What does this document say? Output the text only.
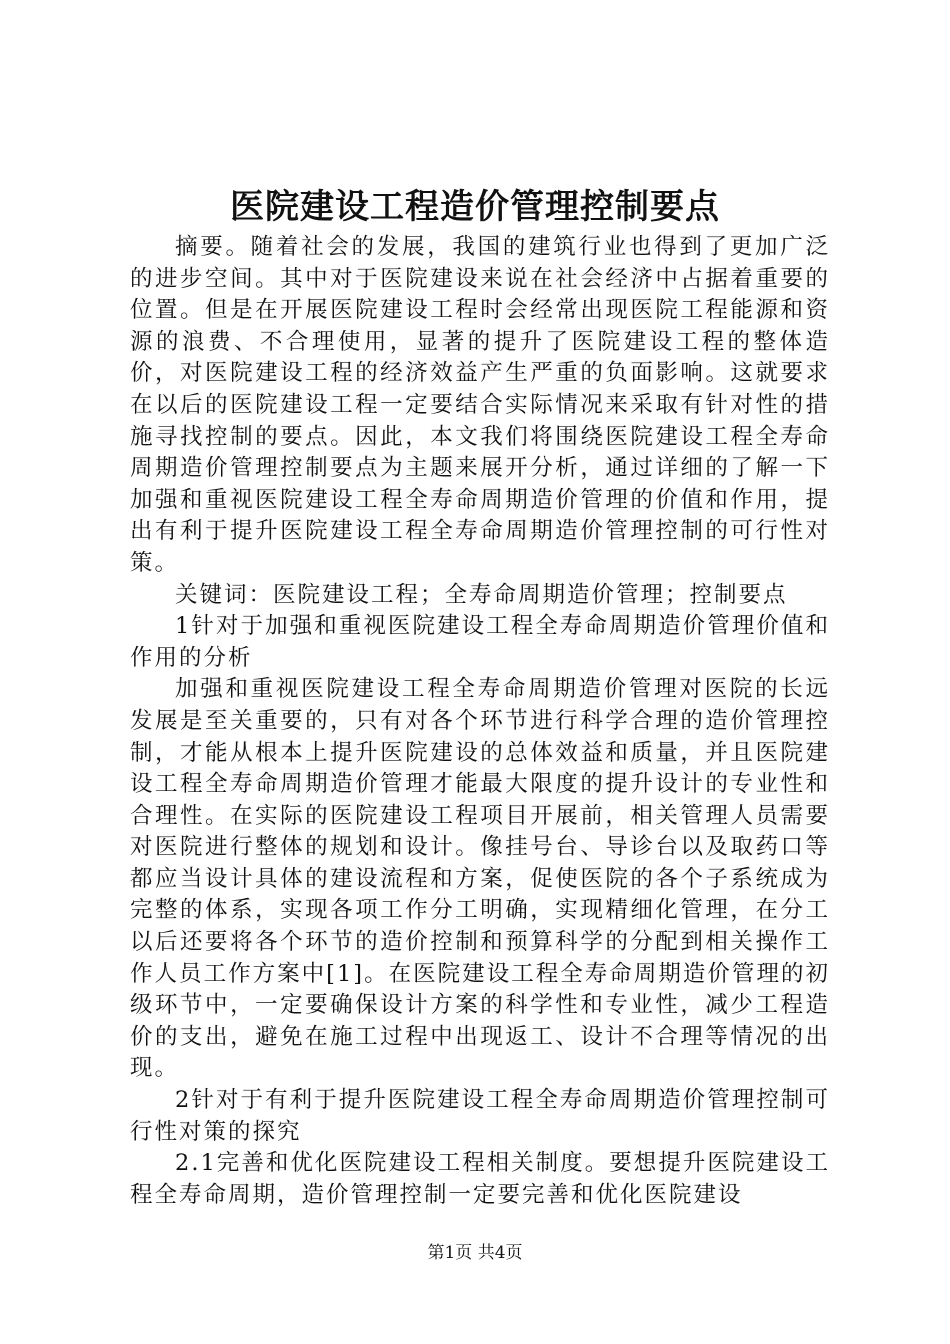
医院建设工程造价管理控制要点

摘要。随着社会的发展，我国的建筑行业也得到了更加广泛的进步空间。其中对于医院建设来说在社会经济中占据着重要的位置。但是在开展医院建设工程时会经常出现医院工程能源和资源的浪费、不合理使用，显著的提升了医院建设工程的整体造价，对医院建设工程的经济效益产生严重的负面影响。这就要求在以后的医院建设工程一定要结合实际情况来采取有针对性的措施寻找控制的要点。因此，本文我们将围绕医院建设工程全寿命周期造价管理控制要点为主题来展开分析，通过详细的了解一下加强和重视医院建设工程全寿命周期造价管理的价值和作用，提出有利于提升医院建设工程全寿命周期造价管理控制的可行性对策。

关键词：医院建设工程；全寿命周期造价管理；控制要点

1针对于加强和重视医院建设工程全寿命周期造价管理价值和作用的分析

加强和重视医院建设工程全寿命周期造价管理对医院的长远发展是至关重要的，只有对各个环节进行科学合理的造价管理控制，才能从根本上提升医院建设的总体效益和质量，并且医院建设工程全寿命周期造价管理才能最大限度的提升设计的专业性和合理性。在实际的医院建设工程项目开展前，相关管理人员需要对医院进行整体的规划和设计。像挂号台、导诊台以及取药口等都应当设计具体的建设流程和方案，促使医院的各个子系统成为完整的体系，实现各项工作分工明确，实现精细化管理，在分工以后还要将各个环节的造价控制和预算科学的分配到相关操作工作人员工作方案中[1]。在医院建设工程全寿命周期造价管理的初级环节中，一定要确保设计方案的科学性和专业性，减少工程造价的支出，避免在施工过程中出现返工、设计不合理等情况的出现。

2针对于有利于提升医院建设工程全寿命周期造价管理控制可行性对策的探究

2.1完善和优化医院建设工程相关制度。要想提升医院建设工程全寿命周期，造价管理控制一定要完善和优化医院建设

第1页 共4页
